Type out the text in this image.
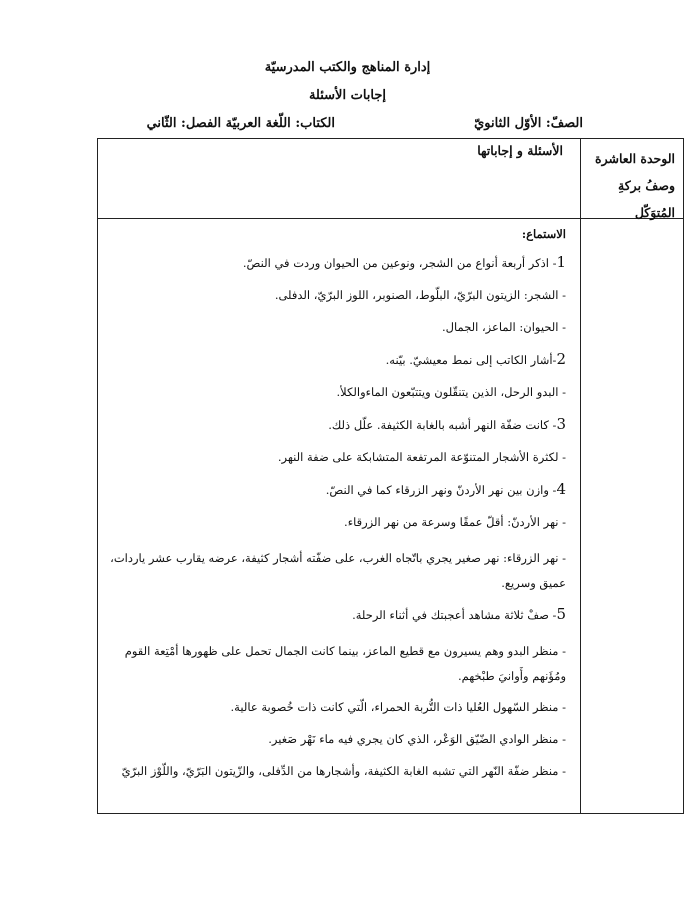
إدارة المناهج والكتب المدرسيّة
إجابات الأسئلة
الصفّ: الأوّل الثانويّ
الكتاب: اللّغة العربيّة الفصل: الثّاني
الوحدة العاشرة
وصفُ بركةِ
المُتوَكّل
الأسئلة و إجاباتها

الاستماع:

1- اذكر أربعة أنواع من الشجر، ونوعين من الحيوان وردت في النصّ.

- الشجر: الزيتون البرّيّ، البلّوط، الصنوبر، اللوز البرّيّ، الدفلى.

- الحيوان: الماعز، الجمال.

2-أشار الكاتب إلى نمط معيشيّ. بيّنه.

- البدو الرحل، الذين يتنقّلون ويتتبّعون الماءوالكلأ.

3- كانت ضفّة النهر أشبه بالغابة الكثيفة. علّل ذلك.

- لكثرة الأشجار المتنوّعة المرتفعة المتشابكة على ضفة النهر.

4- وازن بين نهر الأردنّ ونهر الزرقاء كما في النصّ.

- نهر الأردنّ: أقلّ عمقًا وسرعة من نهر الزرقاء.

- نهر الزرقاء: نهر صغير يجري باتّجاه الغرب، على ضفّته أشجار كثيفة، عرضه يقارب عشر ياردات، عميق وسريع.

5- صفْ ثلاثة مشاهد أعجبتك في أثناء الرحلة.

- منظر البدو وهم يسيرون مع قطيع الماعز، بينما كانت الجمال تحمل على ظهورها أمْتِعة القوم ومُؤَنهم وأَوانيَ طبْخهم.

- منظر السّهول العُليا ذات التُّربة الحمراء، الّتي كانت ذات خُصوبة عالية.

- منظر الوادي الضّيّق الوَعْر، الذي كان يجري فيه ماء نَهْر صَغير.

- منظر ضفّة النّهر التي تشبه الغابة الكثيفة، وأشجارها من الدِّفلى، والزّيتون البَرّيّ، واللّوْز البرّيّ
